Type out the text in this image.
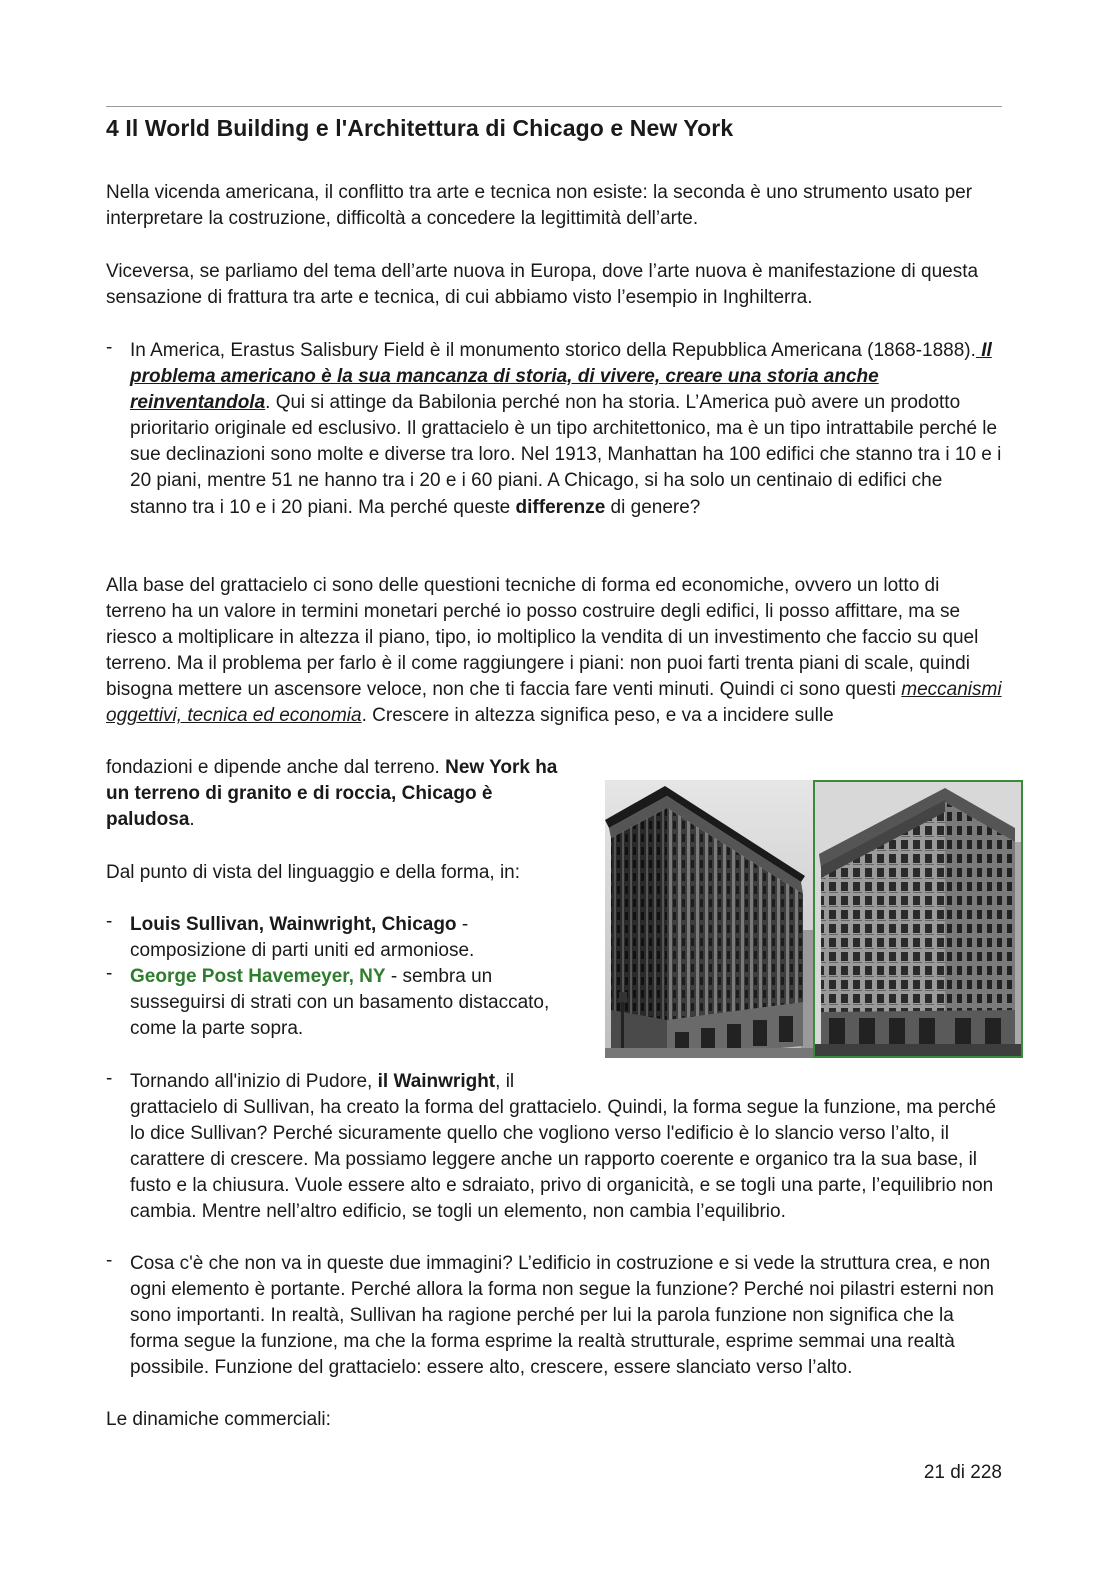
4 Il World Building e l'Architettura di Chicago e New York

Nella vicenda americana, il conflitto tra arte e tecnica non esiste: la seconda è uno strumento usato per interpretare la costruzione, difficoltà a concedere la legittimità dell’arte.

Viceversa, se parliamo del tema dell’arte nuova in Europa, dove l’arte nuova è manifestazione di questa sensazione di frattura tra arte e tecnica, di cui abbiamo visto l’esempio in Inghilterra.

- In America, Erastus Salisbury Field è il monumento storico della Repubblica Americana (1868-1888). Il problema americano è la sua mancanza di storia, di vivere, creare una storia anche reinventandola. Qui si attinge da Babilonia perché non ha storia. L’America può avere un prodotto prioritario originale ed esclusivo. Il grattacielo è un tipo architettonico, ma è un tipo intrattabile perché le sue declinazioni sono molte e diverse tra loro. Nel 1913, Manhattan ha 100 edifici che stanno tra i 10 e i 20 piani, mentre 51 ne hanno tra i 20 e i 60 piani. A Chicago, si ha solo un centinaio di edifici che stanno tra i 10 e i 20 piani. Ma perché queste differenze di genere?

Alla base del grattacielo ci sono delle questioni tecniche di forma ed economiche, ovvero un lotto di terreno ha un valore in termini monetari perché io posso costruire degli edifici, li posso affittare, ma se riesco a moltiplicare in altezza il piano, tipo, io moltiplico la vendita di un investimento che faccio su quel terreno. Ma il problema per farlo è il come raggiungere i piani: non puoi farti trenta piani di scale, quindi bisogna mettere un ascensore veloce, non che ti faccia fare venti minuti. Quindi ci sono questi meccanismi oggettivi, tecnica ed economia. Crescere in altezza significa peso, e va a incidere sulle

fondazioni e dipende anche dal terreno. New York ha un terreno di granito e di roccia, Chicago è paludosa.

Dal punto di vista del linguaggio e della forma, in:

- Louis Sullivan, Wainwright, Chicago - composizione di parti uniti ed armoniose.
- George Post Havemeyer, NY - sembra un susseguirsi di strati con un basamento distaccato, come la parte sopra.
- Tornando all'inizio di Pudore, il Wainwright, il
grattacielo di Sullivan, ha creato la forma del grattacielo. Quindi, la forma segue la funzione, ma perché lo dice Sullivan? Perché sicuramente quello che vogliono verso l'edificio è lo slancio verso l’alto, il carattere di crescere. Ma possiamo leggere anche un rapporto coerente e organico tra la sua base, il fusto e la chiusura. Vuole essere alto e sdraiato, privo di organicità, e se togli una parte, l’equilibrio non cambia. Mentre nell’altro edificio, se togli un elemento, non cambia l’equilibrio.
- Cosa c'è che non va in queste due immagini? L’edificio in costruzione e si vede la struttura crea, e non ogni elemento è portante. Perché allora la forma non segue la funzione? Perché noi pilastri esterni non sono importanti. In realtà, Sullivan ha ragione perché per lui la parola funzione non significa che la forma segue la funzione, ma che la forma esprime la realtà strutturale, esprime semmai una realtà possibile. Funzione del grattacielo: essere alto, crescere, essere slanciato verso l’alto.

Le dinamiche commerciali:

21 di 228
